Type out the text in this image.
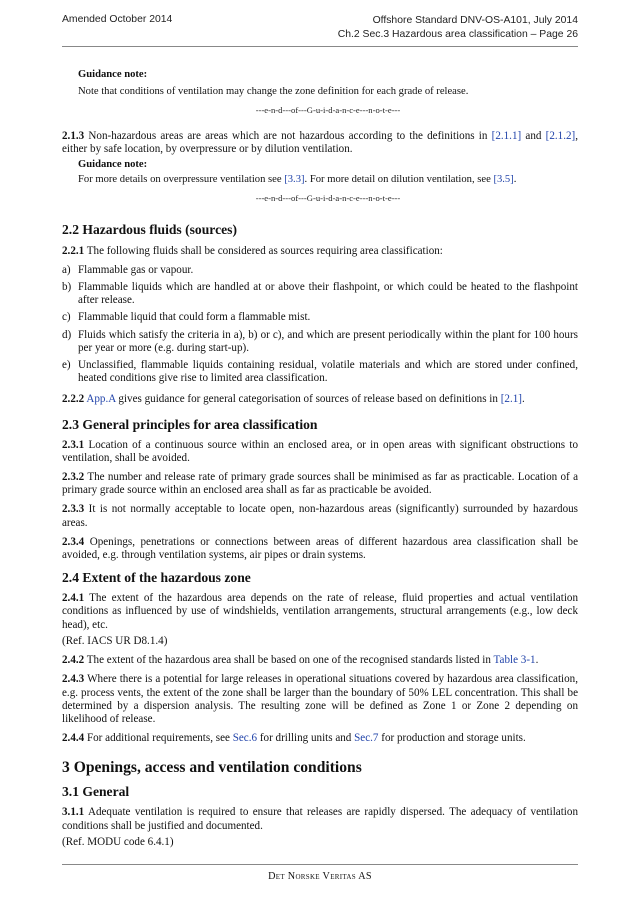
Amended October 2014	Offshore Standard DNV-OS-A101, July 2014
Ch.2 Sec.3 Hazardous area classification – Page 26

Guidance note:

Note that conditions of ventilation may change the zone definition for each grade of release.

---e-n-d---of---G-u-i-d-a-n-c-e---n-o-t-e---

2.1.3 Non-hazardous areas are areas which are not hazardous according to the definitions in [2.1.1] and [2.1.2], either by safe location, by overpressure or by dilution ventilation.

Guidance note:

For more details on overpressure ventilation see [3.3]. For more detail on dilution ventilation, see [3.5].

---e-n-d---of---G-u-i-d-a-n-c-e---n-o-t-e---

2.2 Hazardous fluids (sources)

2.2.1 The following fluids shall be considered as sources requiring area classification:

a) Flammable gas or vapour.
b) Flammable liquids which are handled at or above their flashpoint, or which could be heated to the flashpoint after release.
c) Flammable liquid that could form a flammable mist.
d) Fluids which satisfy the criteria in a), b) or c), and which are present periodically within the plant for 100 hours per year or more (e.g. during start-up).
e) Unclassified, flammable liquids containing residual, volatile materials and which are stored under confined, heated conditions give rise to limited area classification.

2.2.2 App.A gives guidance for general categorisation of sources of release based on definitions in [2.1].

2.3 General principles for area classification

2.3.1 Location of a continuous source within an enclosed area, or in open areas with significant obstructions to ventilation, shall be avoided.

2.3.2 The number and release rate of primary grade sources shall be minimised as far as practicable. Location of a primary grade source within an enclosed area shall as far as practicable be avoided.

2.3.3 It is not normally acceptable to locate open, non-hazardous areas (significantly) surrounded by hazardous areas.

2.3.4 Openings, penetrations or connections between areas of different hazardous area classification shall be avoided, e.g. through ventilation systems, air pipes or drain systems.

2.4 Extent of the hazardous zone

2.4.1 The extent of the hazardous area depends on the rate of release, fluid properties and actual ventilation conditions as influenced by use of windshields, ventilation arrangements, structural arrangements (e.g., low deck head), etc.

(Ref. IACS UR D8.1.4)

2.4.2 The extent of the hazardous area shall be based on one of the recognised standards listed in Table 3-1.

2.4.3 Where there is a potential for large releases in operational situations covered by hazardous area classification, e.g. process vents, the extent of the zone shall be larger than the boundary of 50% LEL concentration. This shall be determined by a dispersion analysis. The resulting zone will be defined as Zone 1 or Zone 2 depending on likelihood of release.

2.4.4 For additional requirements, see Sec.6 for drilling units and Sec.7 for production and storage units.

3 Openings, access and ventilation conditions
3.1 General

3.1.1 Adequate ventilation is required to ensure that releases are rapidly dispersed. The adequacy of ventilation conditions shall be justified and documented.

(Ref. MODU code 6.4.1)

Det Norske Veritas AS
